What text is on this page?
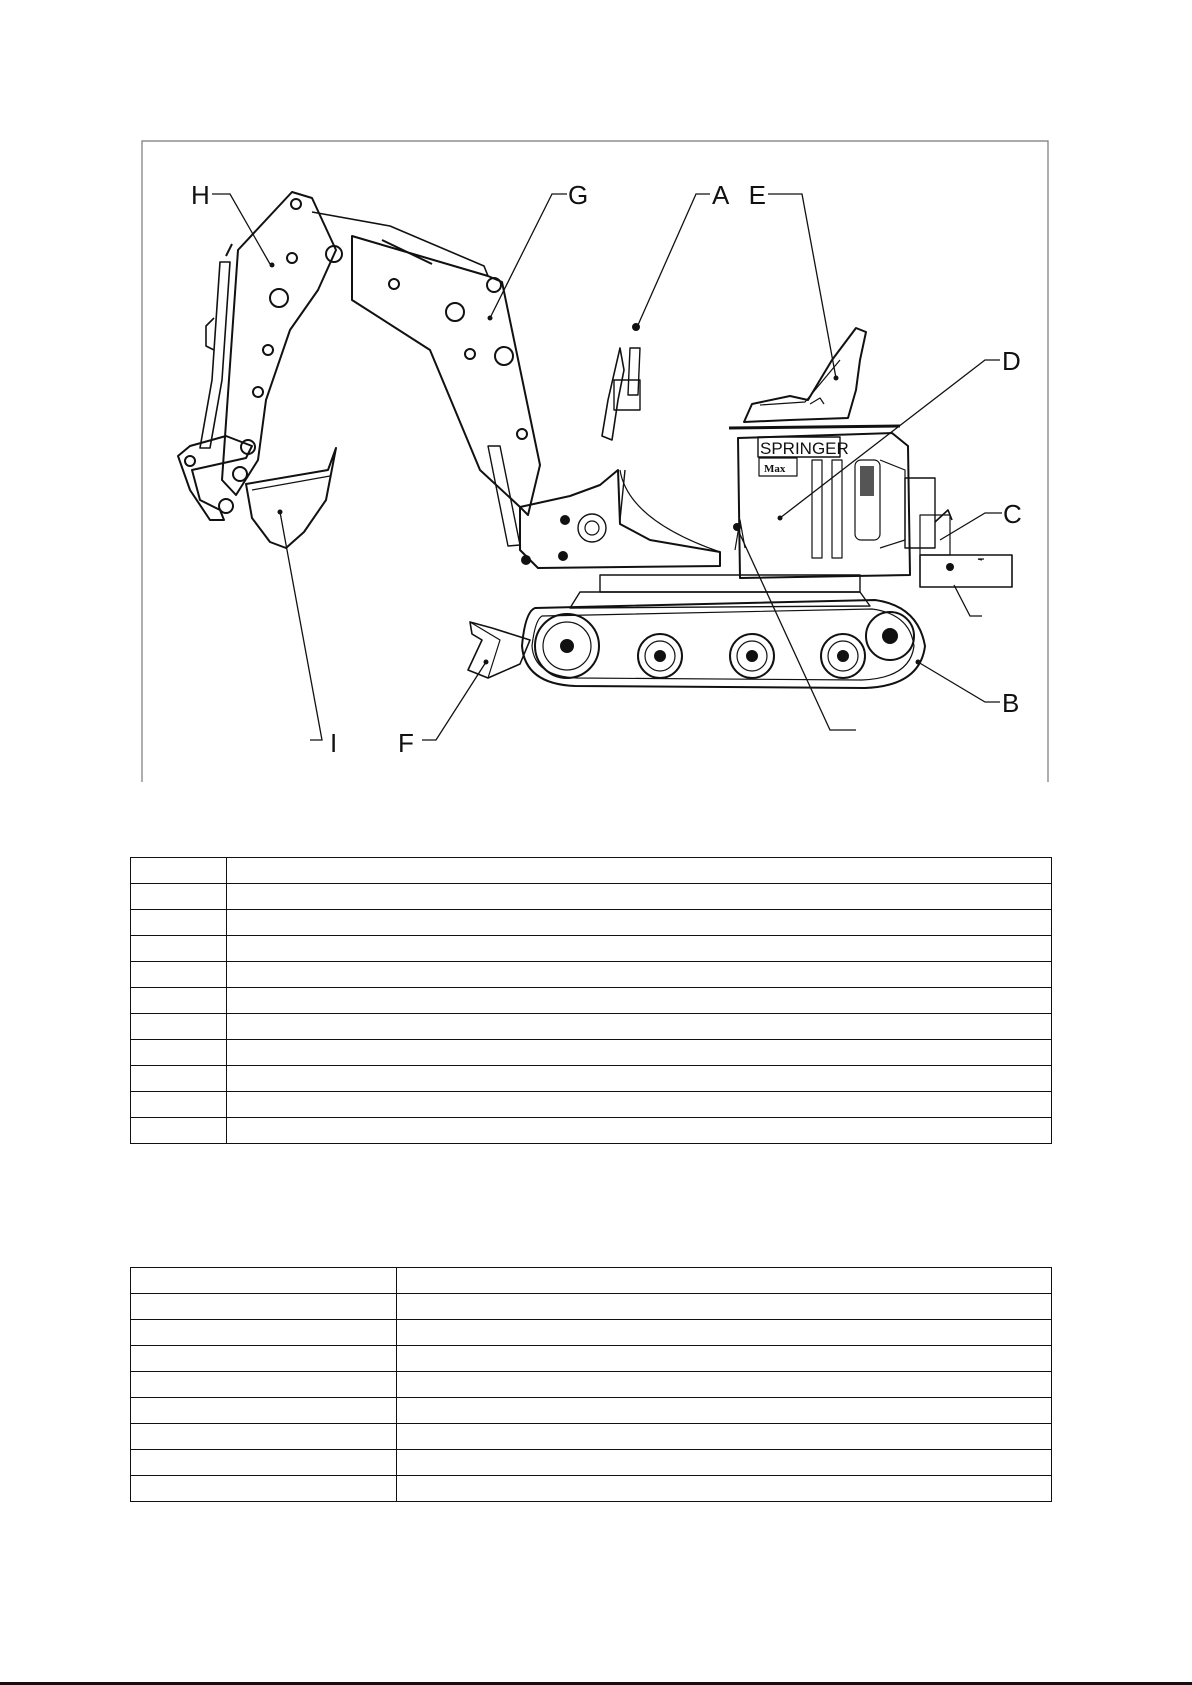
SPRINGER
Max
H	G	A E
D
C
B
I F
